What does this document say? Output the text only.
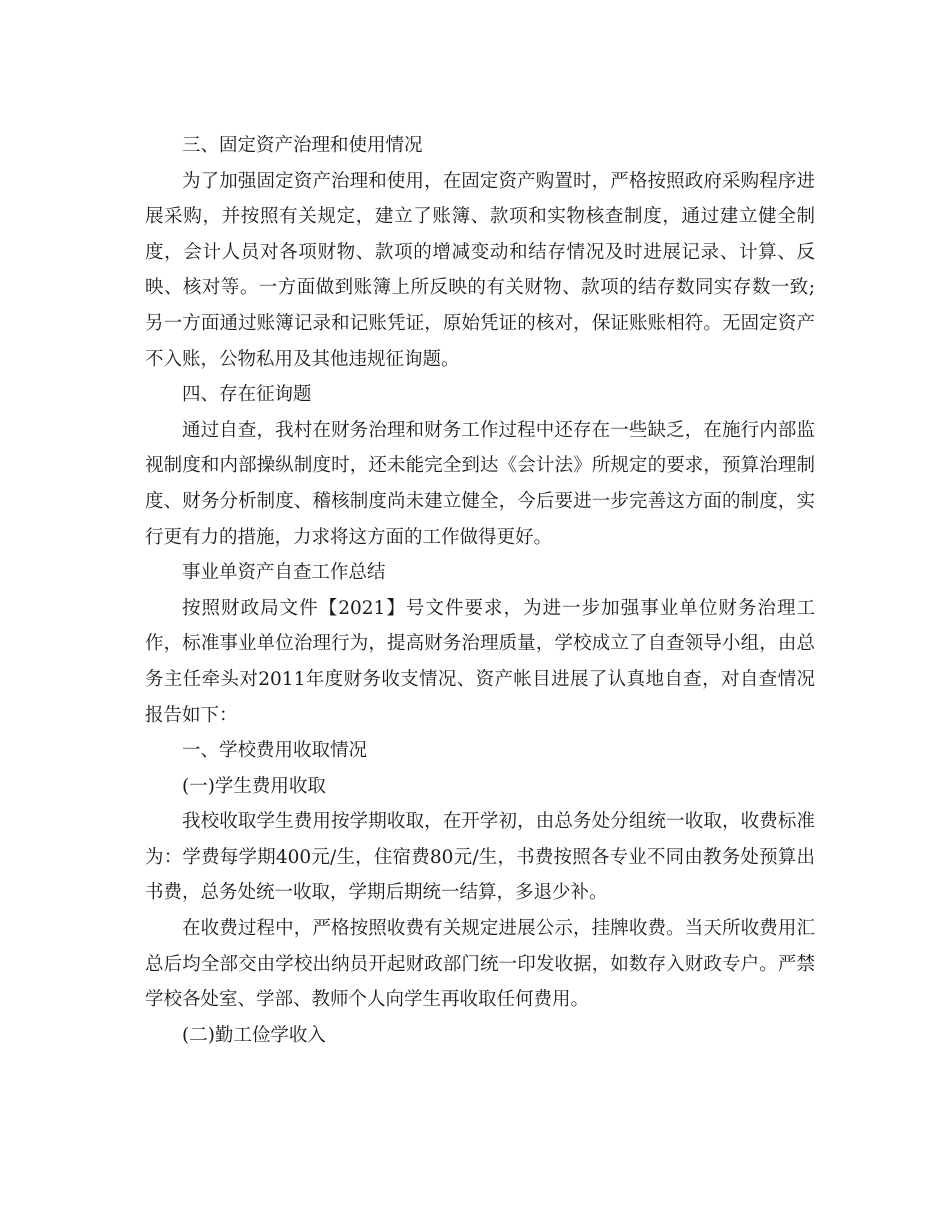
三、固定资产治理和使用情况

为了加强固定资产治理和使用，在固定资产购置时，严格按照政府采购程序进展采购，并按照有关规定，建立了账簿、款项和实物核查制度，通过建立健全制度，会计人员对各项财物、款项的增减变动和结存情况及时进展记录、计算、反映、核对等。一方面做到账簿上所反映的有关财物、款项的结存数同实存数一致;另一方面通过账簿记录和记账凭证，原始凭证的核对，保证账账相符。无固定资产不入账，公物私用及其他违规征询题。

四、存在征询题

通过自查，我村在财务治理和财务工作过程中还存在一些缺乏，在施行内部监视制度和内部操纵制度时，还未能完全到达《会计法》所规定的要求，预算治理制度、财务分析制度、稽核制度尚未建立健全，今后要进一步完善这方面的制度，实行更有力的措施，力求将这方面的工作做得更好。

事业单资产自查工作总结

按照财政局文件【2021】号文件要求，为进一步加强事业单位财务治理工作，标准事业单位治理行为，提高财务治理质量，学校成立了自查领导小组，由总务主任牵头对2011年度财务收支情况、资产帐目进展了认真地自查，对自查情况报告如下：

一、学校费用收取情况

(一)学生费用收取

我校收取学生费用按学期收取，在开学初，由总务处分组统一收取，收费标准为：学费每学期400元/生，住宿费80元/生，书费按照各专业不同由教务处预算出书费，总务处统一收取，学期后期统一结算，多退少补。

在收费过程中，严格按照收费有关规定进展公示，挂牌收费。当天所收费用汇总后均全部交由学校出纳员开起财政部门统一印发收据，如数存入财政专户。严禁学校各处室、学部、教师个人向学生再收取任何费用。

(二)勤工俭学收入
